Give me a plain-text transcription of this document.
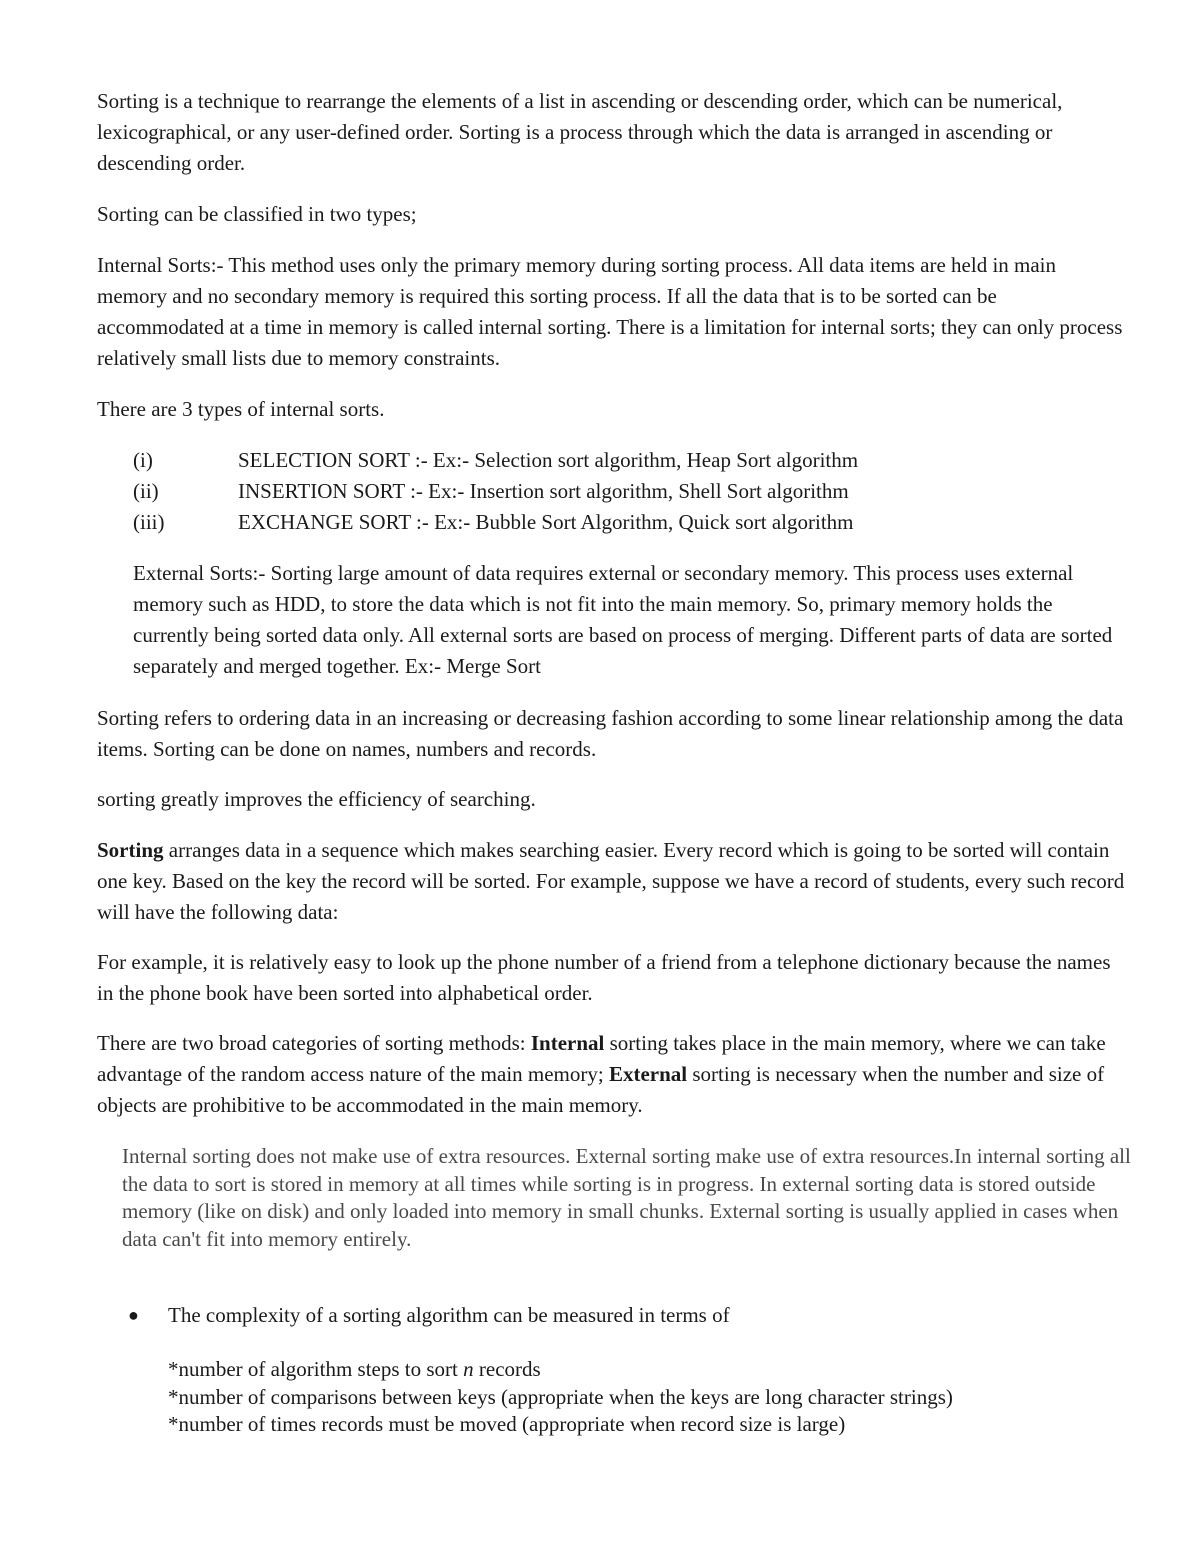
Sorting is a technique to rearrange the elements of a list in ascending or descending order, which can be numerical, lexicographical, or any user-defined order. Sorting is a process through which the data is arranged in ascending or descending order.

Sorting can be classified in two types;

Internal Sorts:- This method uses only the primary memory during sorting process. All data items are held in main memory and no secondary memory is required this sorting process. If all the data that is to be sorted can be accommodated at a time in memory is called internal sorting. There is a limitation for internal sorts; they can only process relatively small lists due to memory constraints.

There are 3 types of internal sorts.

(i)	SELECTION SORT :- Ex:- Selection sort algorithm, Heap Sort algorithm
(ii)	INSERTION SORT :- Ex:- Insertion sort algorithm, Shell Sort algorithm
(iii)	EXCHANGE SORT :- Ex:- Bubble Sort Algorithm, Quick sort algorithm

External Sorts:- Sorting large amount of data requires external or secondary memory. This process uses external memory such as HDD, to store the data which is not fit into the main memory. So, primary memory holds the currently being sorted data only. All external sorts are based on process of merging. Different parts of data are sorted separately and merged together. Ex:- Merge Sort

Sorting refers to ordering data in an increasing or decreasing fashion according to some linear relationship among the data items. Sorting can be done on names, numbers and records.

sorting greatly improves the efficiency of searching.

Sorting arranges data in a sequence which makes searching easier. Every record which is going to be sorted will contain one key. Based on the key the record will be sorted. For example, suppose we have a record of students, every such record will have the following data:

For example, it is relatively easy to look up the phone number of a friend from a telephone dictionary because the names in the phone book have been sorted into alphabetical order.

There are two broad categories of sorting methods: Internal sorting takes place in the main memory, where we can take advantage of the random access nature of the main memory; External sorting is necessary when the number and size of objects are prohibitive to be accommodated in the main memory.

Internal sorting does not make use of extra resources. External sorting make use of extra resources.In internal sorting all the data to sort is stored in memory at all times while sorting is in progress. In external sorting data is stored outside memory (like on disk) and only loaded into memory in small chunks. External sorting is usually applied in cases when data can't fit into memory entirely.

●	The complexity of a sorting algorithm can be measured in terms of
*number of algorithm steps to sort n records
*number of comparisons between keys (appropriate when the keys are long character strings)
*number of times records must be moved (appropriate when record size is large)
